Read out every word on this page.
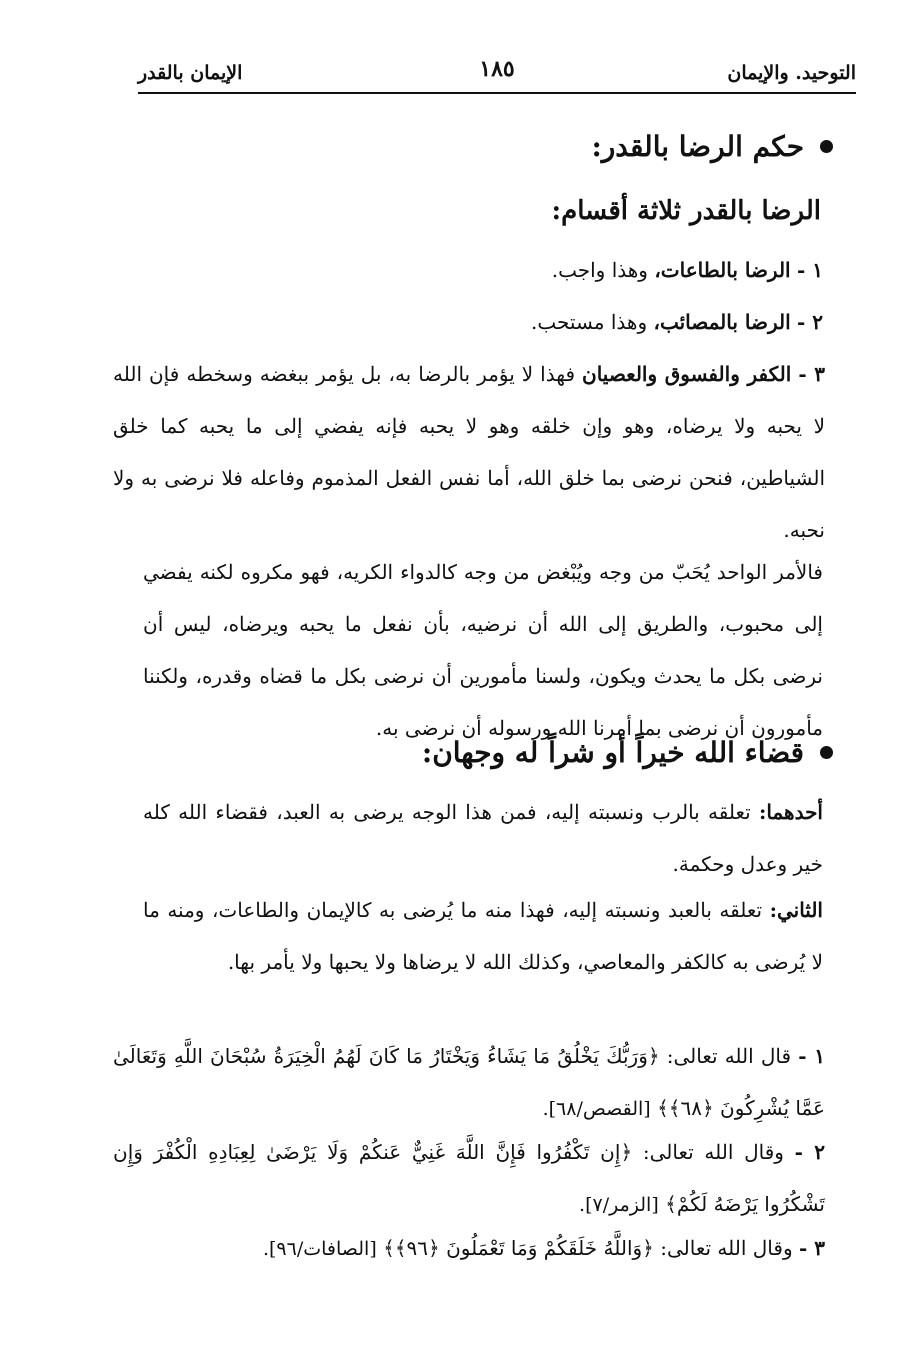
التوحيد. والإيمان
١٨٥
الإيمان بالقدر
حكم الرضا بالقدر:
الرضا بالقدر ثلاثة أقسام:
١ - الرضا بالطاعات، وهذا واجب.
٢ - الرضا بالمصائب، وهذا مستحب.
٣ - الكفر والفسوق والعصيان فهذا لا يؤمر بالرضا به، بل يؤمر ببغضه وسخطه فإن الله لا يحبه ولا يرضاه، وهو وإن خلقه وهو لا يحبه فإنه يفضي إلى ما يحبه كما خلق الشياطين، فنحن نرضى بما خلق الله، أما نفس الفعل المذموم وفاعله فلا نرضى به ولا نحبه.
فالأمر الواحد يُحَبّ من وجه ويُبْغض من وجه كالدواء الكريه، فهو مكروه لكنه يفضي إلى محبوب، والطريق إلى الله أن نرضيه، بأن نفعل ما يحبه ويرضاه، ليس أن نرضى بكل ما يحدث ويكون، ولسنا مأمورين أن نرضى بكل ما قضاه وقدره، ولكننا مأمورون أن نرضى بما أمرنا الله ورسوله أن نرضى به.
قضاء الله خيراً أو شراً له وجهان:
أحدهما: تعلقه بالرب ونسبته إليه، فمن هذا الوجه يرضى به العبد، فقضاء الله كله خير وعدل وحكمة.
الثاني: تعلقه بالعبد ونسبته إليه، فهذا منه ما يُرضى به كالإيمان والطاعات، ومنه ما لا يُرضى به كالكفر والمعاصي، وكذلك الله لا يرضاها ولا يحبها ولا يأمر بها.
١ - قال الله تعالى: ﴿وَرَبُّكَ يَخْلُقُ مَا يَشَاءُ وَيَخْتَارُ مَا كَانَ لَهُمُ الْخِيَرَةُ سُبْحَانَ اللَّهِ وَتَعَالَىٰ عَمَّا يُشْرِكُونَ ﴿٦٨﴾﴾ [القصص/٦٨].
٢ - وقال الله تعالى: ﴿إِن تَكْفُرُوا فَإِنَّ اللَّهَ غَنِيٌّ عَنكُمْ وَلَا يَرْضَىٰ لِعِبَادِهِ الْكُفْرَ وَإِن تَشْكُرُوا يَرْضَهُ لَكُمْ﴾ [الزمر/٧].
٣ - وقال الله تعالى: ﴿وَاللَّهُ خَلَقَكُمْ وَمَا تَعْمَلُونَ ﴿٩٦﴾﴾ [الصافات/٩٦].
